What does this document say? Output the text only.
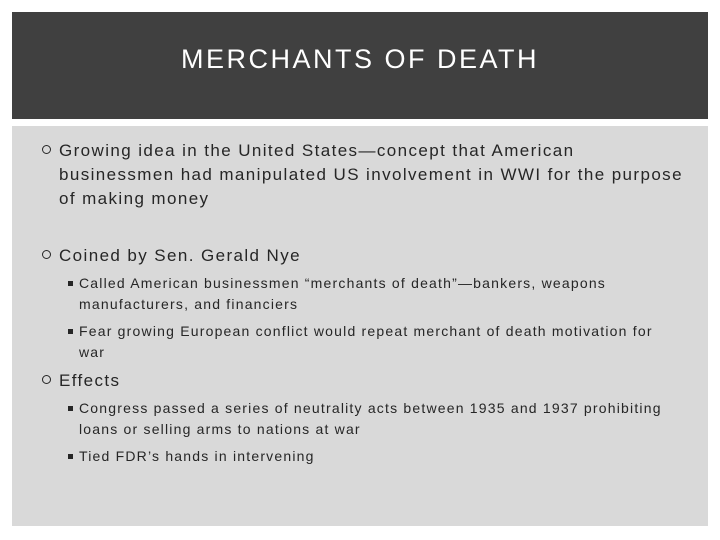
MERCHANTS OF DEATH
Growing idea in the United States—concept that American businessmen had manipulated US involvement in WWI for the purpose of making money
Coined by Sen. Gerald Nye
Called American businessmen “merchants of death”—bankers, weapons manufacturers, and financiers
Fear growing European conflict would repeat merchant of death motivation for war
Effects
Congress passed a series of neutrality acts between 1935 and 1937 prohibiting loans or selling arms to nations at war
Tied FDR’s hands in intervening
